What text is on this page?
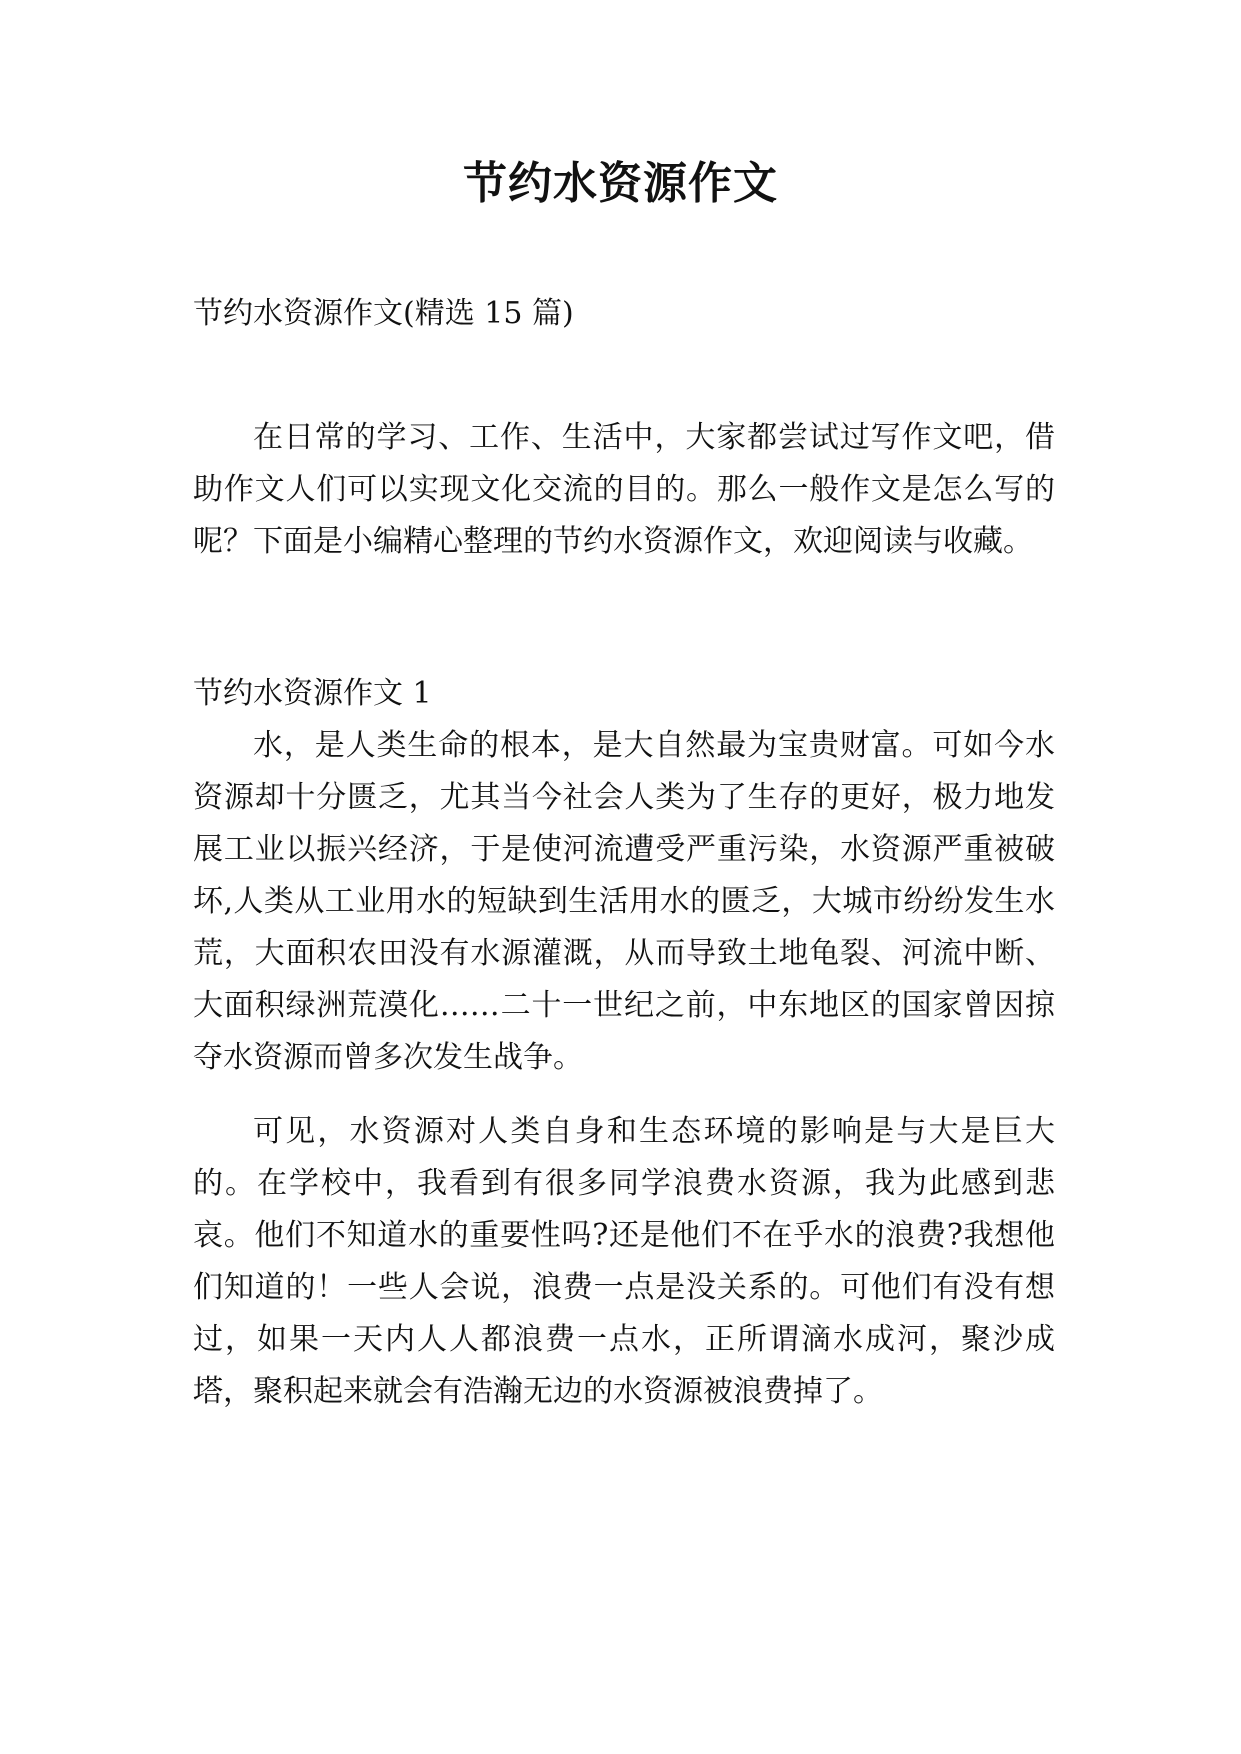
节约水资源作文

节约水资源作文(精选 15 篇)

在日常的学习、工作、生活中，大家都尝试过写作文吧，借助作文人们可以实现文化交流的目的。那么一般作文是怎么写的呢？下面是小编精心整理的节约水资源作文，欢迎阅读与收藏。

节约水资源作文 1

水，是人类生命的根本，是大自然最为宝贵财富。可如今水资源却十分匮乏，尤其当今社会人类为了生存的更好，极力地发展工业以振兴经济，于是使河流遭受严重污染，水资源严重被破坏,人类从工业用水的短缺到生活用水的匮乏，大城市纷纷发生水荒，大面积农田没有水源灌溉，从而导致土地龟裂、河流中断、大面积绿洲荒漠化……二十一世纪之前，中东地区的国家曾因掠夺水资源而曾多次发生战争。

可见，水资源对人类自身和生态环境的影响是与大是巨大的。在学校中，我看到有很多同学浪费水资源，我为此感到悲哀。他们不知道水的重要性吗?还是他们不在乎水的浪费?我想他们知道的！一些人会说，浪费一点是没关系的。可他们有没有想过，如果一天内人人都浪费一点水，正所谓滴水成河，聚沙成塔，聚积起来就会有浩瀚无边的水资源被浪费掉了。
